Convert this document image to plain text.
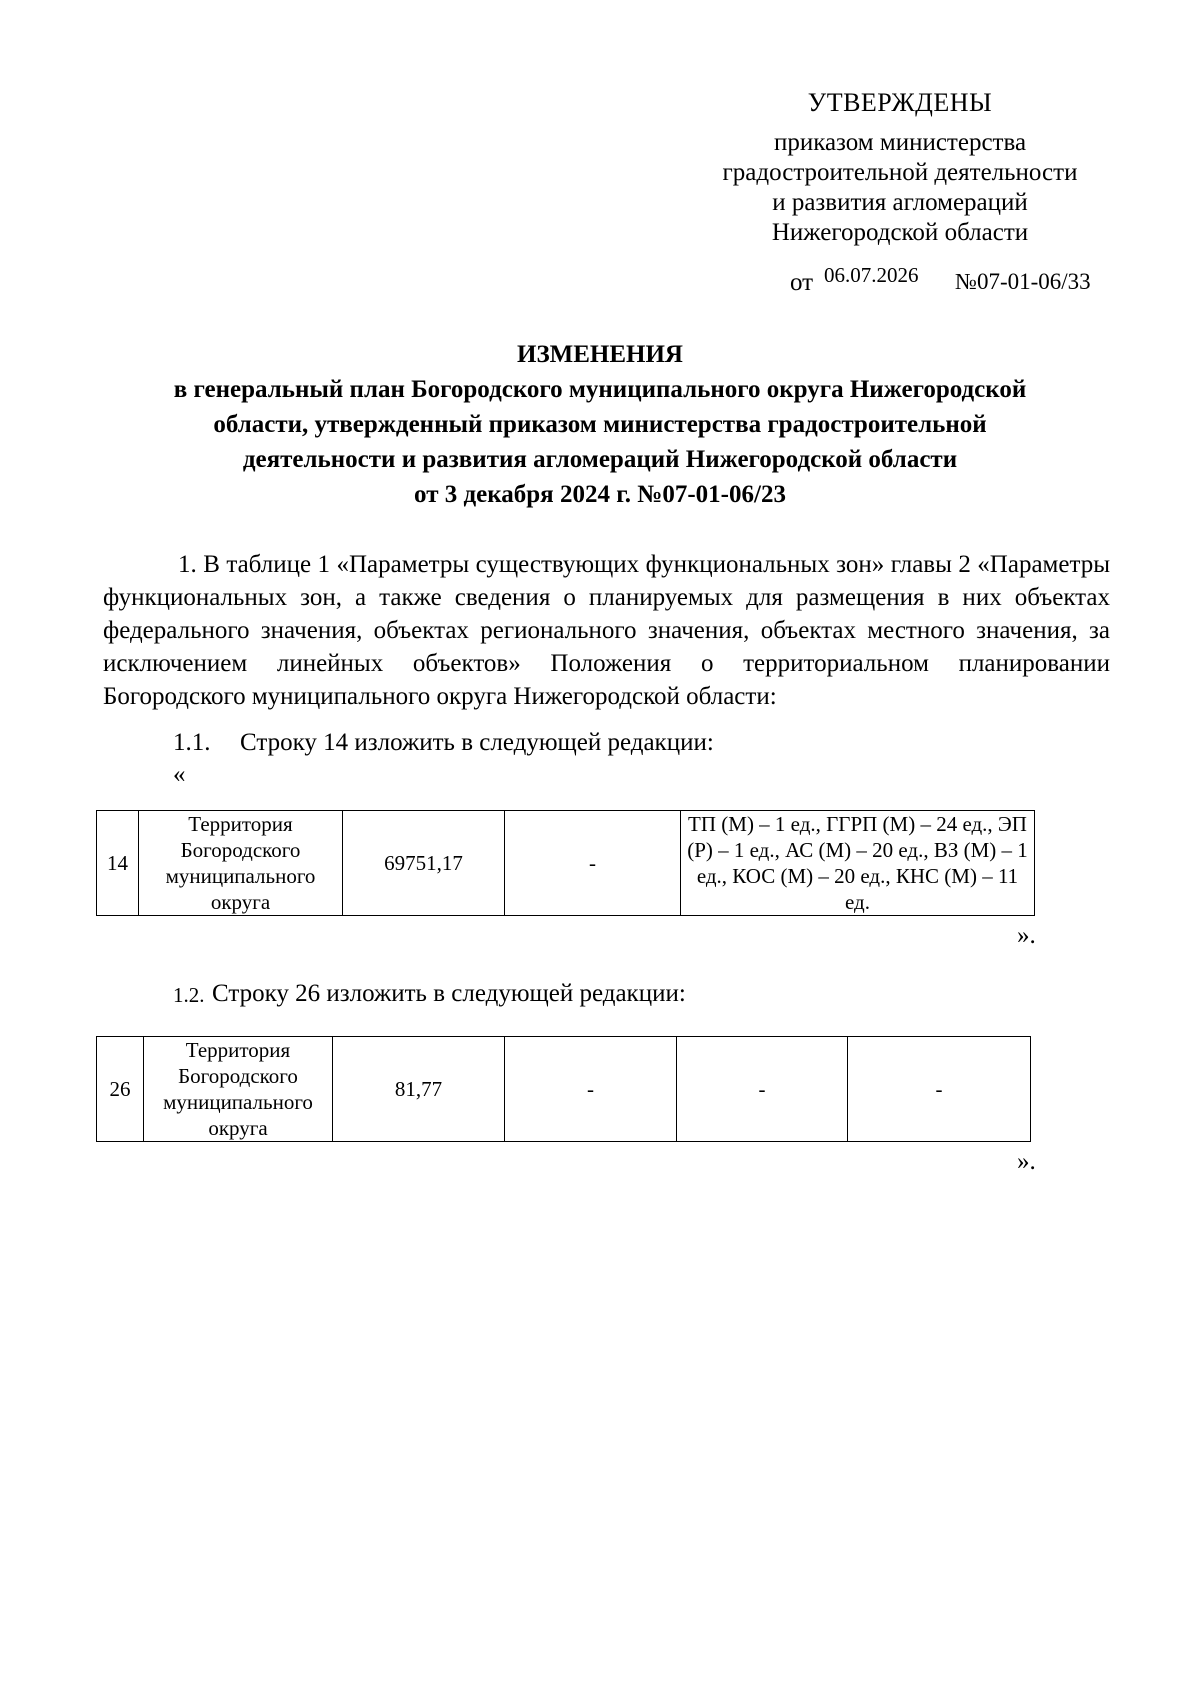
УТВЕРЖДЕНЫ
приказом министерства
градостроительной деятельности
и развития агломераций
Нижегородской области
от 06.07.2026 №07-01-06/33
ИЗМЕНЕНИЯ
в генеральный план Богородского муниципального округа Нижегородской
области, утвержденный приказом министерства градостроительной
деятельности и развития агломераций Нижегородской области
от 3 декабря 2024 г. №07-01-06/23
1. В таблице 1 «Параметры существующих функциональных зон» главы 2 «Параметры функциональных зон, а также сведения о планируемых для размещения в них объектах федерального значения, объектах регионального значения, объектах местного значения, за исключением линейных объектов» Положения о территориальном планировании Богородского муниципального округа Нижегородской области:
1.1. Строку 14 изложить в следующей редакции:
«
14	Территория Богородского муниципального округа	69751,17	-	ТП (М) – 1 ед., ГГРП (М) – 24 ед., ЭП (Р) – 1 ед., АС (М) – 20 ед., ВЗ (М) – 1 ед., КОС (М) – 20 ед., КНС (М) – 11 ед.
».
1.2. Строку 26 изложить в следующей редакции:
26	Территория Богородского муниципального округа	81,77	-	-	-
».
